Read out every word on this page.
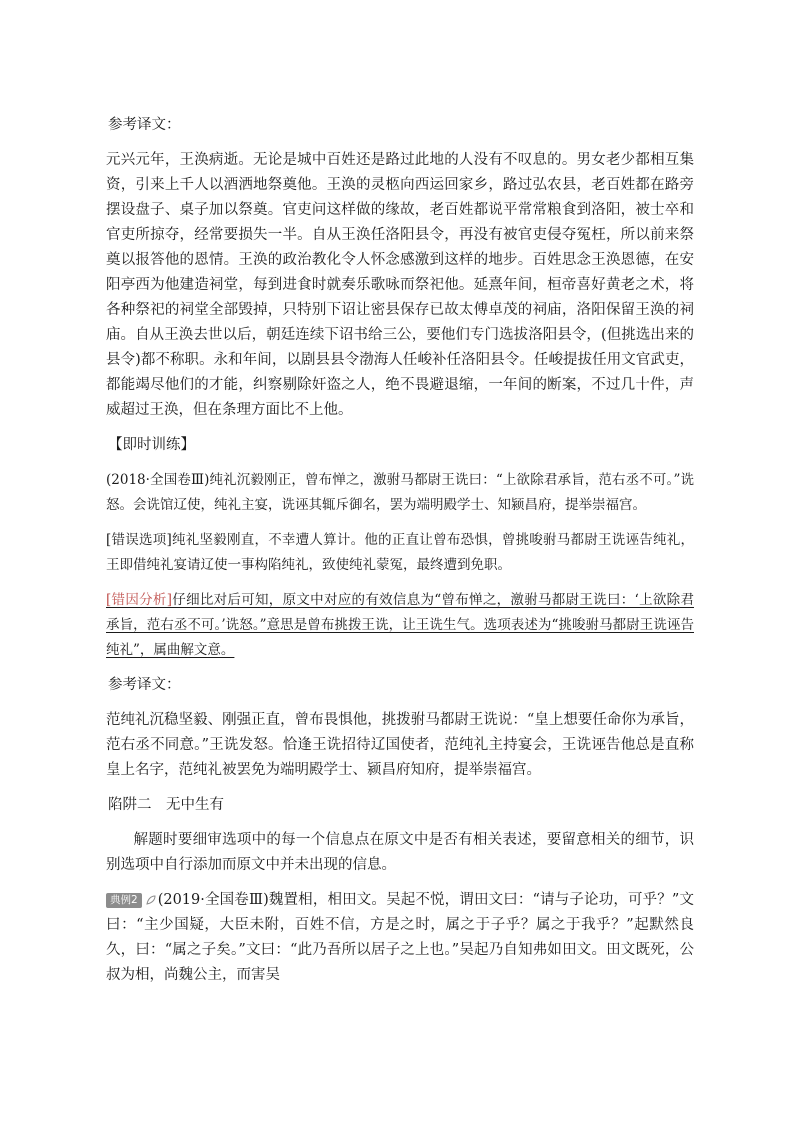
参考译文：

元兴元年，王涣病逝。无论是城中百姓还是路过此地的人没有不叹息的。男女老少都相互集资，引来上千人以酒洒地祭奠他。王涣的灵柩向西运回家乡，路过弘农县，老百姓都在路旁摆设盘子、桌子加以祭奠。官吏问这样做的缘故，老百姓都说平常常粮食到洛阳，被士卒和官吏所掠夺，经常要损失一半。自从王涣任洛阳县令，再没有被官吏侵夺冤枉，所以前来祭奠以报答他的恩情。王涣的政治教化令人怀念感激到这样的地步。百姓思念王涣恩德，在安阳亭西为他建造祠堂，每到进食时就奏乐歌咏而祭祀他。延熹年间，桓帝喜好黄老之术，将各种祭祀的祠堂全部毁掉，只特别下诏让密县保存已故太傅卓茂的祠庙，洛阳保留王涣的祠庙。自从王涣去世以后，朝廷连续下诏书给三公，要他们专门选拔洛阳县令，(但挑选出来的县令)都不称职。永和年间，以剧县县令渤海人任峻补任洛阳县令。任峻提拔任用文官武吏，都能竭尽他们的才能，纠察剔除奸盗之人，绝不畏避退缩，一年间的断案，不过几十件，声威超过王涣，但在条理方面比不上他。

【即时训练】

(2018·全国卷Ⅲ)纯礼沉毅刚正，曾布惮之，激驸马都尉王诜曰：“上欲除君承旨，范右丞不可。”诜怒。会诜馆辽使，纯礼主宴，诜诬其辄斥御名，罢为端明殿学士、知颍昌府，提举崇福宫。

[错误选项]纯礼坚毅刚直，不幸遭人算计。他的正直让曾布恐惧，曾挑唆驸马都尉王诜诬告纯礼，王即借纯礼宴请辽使一事构陷纯礼，致使纯礼蒙冤，最终遭到免职。

[错因分析]仔细比对后可知，原文中对应的有效信息为“曾布惮之，激驸马都尉王诜曰：‘上欲除君承旨，范右丞不可。’诜怒。”意思是曾布挑拨王诜，让王诜生气。选项表述为“挑唆驸马都尉王诜诬告纯礼”，属曲解文意。

参考译文：

范纯礼沉稳坚毅、刚强正直，曾布畏惧他，挑拨驸马都尉王诜说：“皇上想要任命你为承旨，范右丞不同意。”王诜发怒。恰逢王诜招待辽国使者，范纯礼主持宴会，王诜诬告他总是直称皇上名字，范纯礼被罢免为端明殿学士、颍昌府知府，提举崇福宫。

陷阱二　无中生有

解题时要细审选项中的每一个信息点在原文中是否有相关表述，要留意相关的细节，识别选项中自行添加而原文中并未出现的信息。

典例2 (2019·全国卷Ⅲ)魏置相，相田文。吴起不悦，谓田文曰：“请与子论功，可乎？”文曰：“主少国疑，大臣未附，百姓不信，方是之时，属之于子乎？属之于我乎？”起默然良久，曰：“属之子矣。”文曰：“此乃吾所以居子之上也。”吴起乃自知弗如田文。田文既死，公叔为相，尚魏公主，而害吴
